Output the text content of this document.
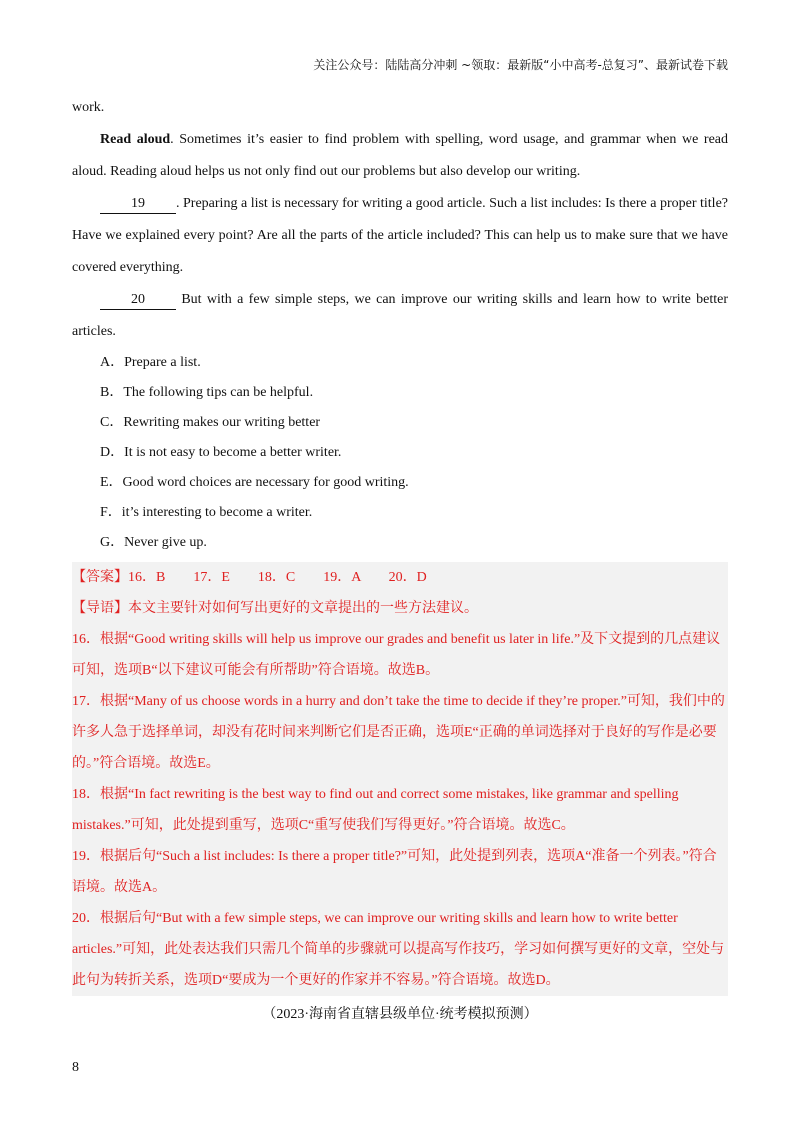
关注公众号：陆陆高分冲刺 ~领取：最新版“小中高考-总复习”、最新试卷下载

work.

Read aloud. Sometimes it’s easier to find problem with spelling, word usage, and grammar when we read aloud. Reading aloud helps us not only find out our problems but also develop our writing.

19 . Preparing a list is necessary for writing a good article. Such a list includes: Is there a proper title? Have we explained every point? Are all the parts of the article included? This can help us to make sure that we have covered everything.

20 But with a few simple steps, we can improve our writing skills and learn how to write better articles.

A．Prepare a list.
B．The following tips can be helpful.
C．Rewriting makes our writing better
D．It is not easy to become a better writer.
E．Good word choices are necessary for good writing.
F．it’s interesting to become a writer.
G．Never give up.
【答案】16．B　　17．E　　18．C　　19．A　　20．D
【导语】本文主要针对如何写出更好的文章提出的一些方法建议。
16．根据“Good writing skills will help us improve our grades and benefit us later in life.”及下文提到的几点建议可知，选项B“以下建议可能会有所帮助”符合语境。故选B。
17．根据“Many of us choose words in a hurry and don’t take the time to decide if they’re proper.”可知，我们中的许多人急于选择单词，却没有花时间来判断它们是否正确，选项E“正确的单词选择对于良好的写作是必要的。”符合语境。故选E。
18．根据“In fact rewriting is the best way to find out and correct some mistakes, like grammar and spelling mistakes.”可知，此处提到重写，选项C“重写使我们写得更好。”符合语境。故选C。
19．根据后句“Such a list includes: Is there a proper title?”可知，此处提到列表，选项A“准备一个列表。”符合语境。故选A。
20．根据后句“But with a few simple steps, we can improve our writing skills and learn how to write better articles.”可知，此处表达我们只需几个简单的步骤就可以提高写作技巧，学习如何撰写更好的文章，空处与此句为转折关系，选项D“要成为一个更好的作家并不容易。”符合语境。故选D。
（2023·海南省直辖县级单位·统考模拟预测）
8
